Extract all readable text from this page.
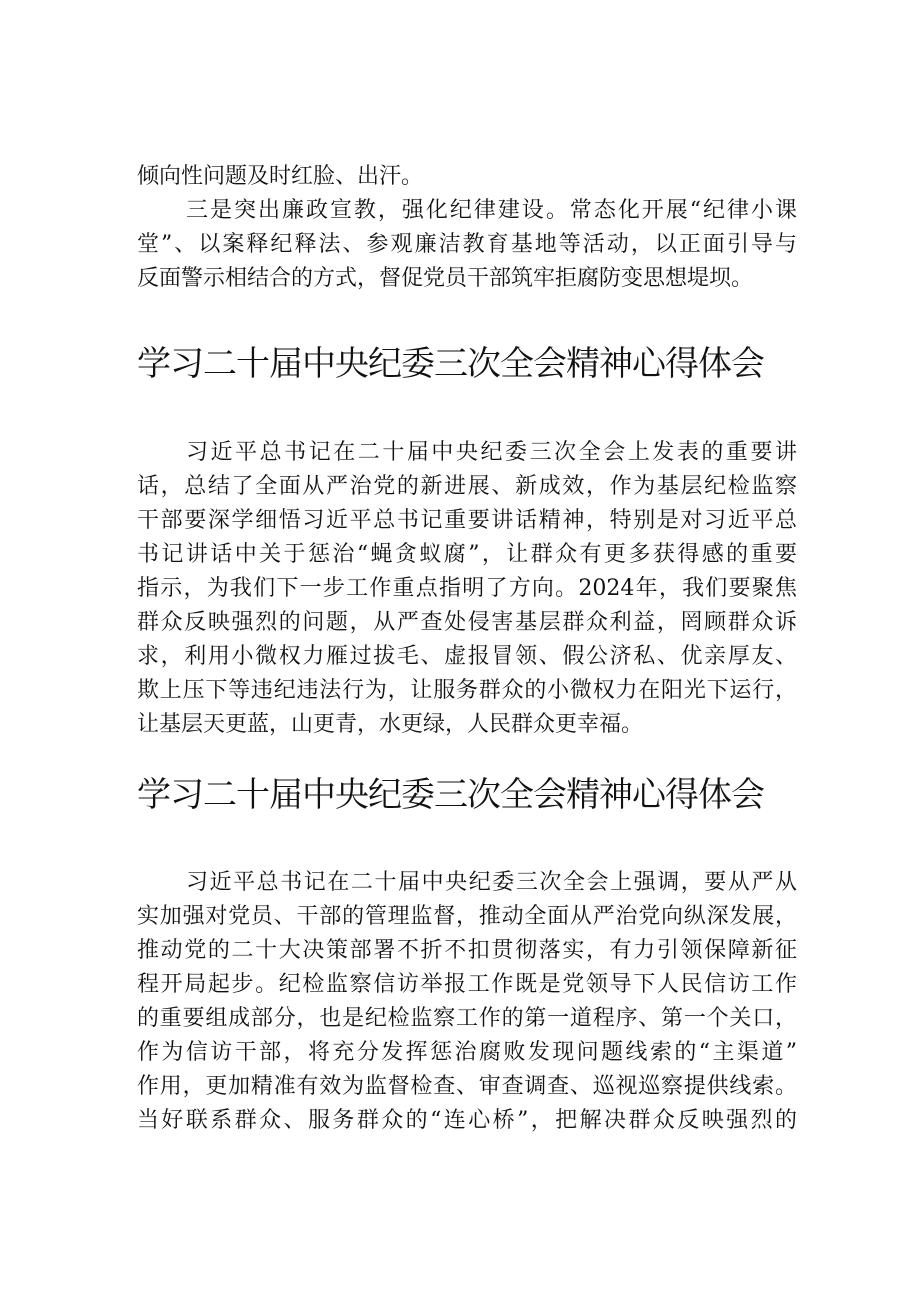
倾向性问题及时红脸、出汗。

三是突出廉政宣教，强化纪律建设。常态化开展“纪律小课

堂”、以案释纪释法、参观廉洁教育基地等活动，以正面引导与

反面警示相结合的方式，督促党员干部筑牢拒腐防变思想堤坝。

学习二十届中央纪委三次全会精神心得体会

习近平总书记在二十届中央纪委三次全会上发表的重要讲

话，总结了全面从严治党的新进展、新成效，作为基层纪检监察

干部要深学细悟习近平总书记重要讲话精神，特别是对习近平总

书记讲话中关于惩治“蝇贪蚁腐”，让群众有更多获得感的重要

指示，为我们下一步工作重点指明了方向。2024年，我们要聚焦

群众反映强烈的问题，从严查处侵害基层群众利益，罔顾群众诉

求，利用小微权力雁过拔毛、虚报冒领、假公济私、优亲厚友、

欺上压下等违纪违法行为，让服务群众的小微权力在阳光下运行，

让基层天更蓝，山更青，水更绿，人民群众更幸福。

学习二十届中央纪委三次全会精神心得体会

习近平总书记在二十届中央纪委三次全会上强调，要从严从

实加强对党员、干部的管理监督，推动全面从严治党向纵深发展，

推动党的二十大决策部署不折不扣贯彻落实，有力引领保障新征

程开局起步。纪检监察信访举报工作既是党领导下人民信访工作

的重要组成部分，也是纪检监察工作的第一道程序、第一个关口，

作为信访干部，将充分发挥惩治腐败发现问题线索的“主渠道”

作用，更加精准有效为监督检查、审查调查、巡视巡察提供线索。

当好联系群众、服务群众的“连心桥”，把解决群众反映强烈的
